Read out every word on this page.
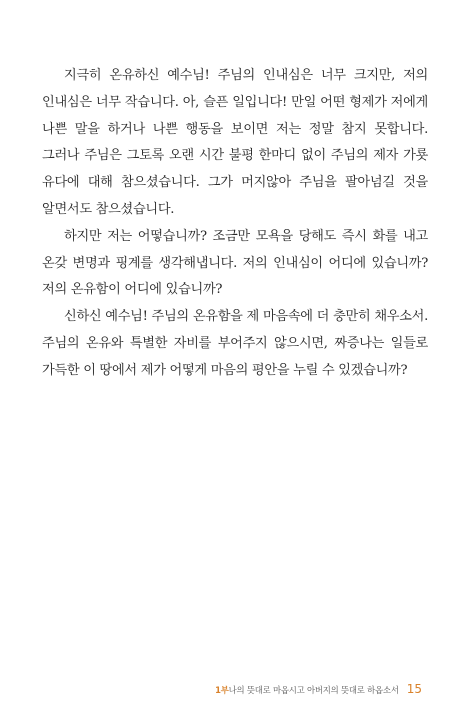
지극히 온유하신 예수님! 주님의 인내심은 너무 크지만, 저의 인내심은 너무 작습니다. 아, 슬픈 일입니다! 만일 어떤 형제가 저에게 나쁜 말을 하거나 나쁜 행동을 보이면 저는 정말 참지 못합니다. 그러나 주님은 그토록 오랜 시간 불평 한마디 없이 주님의 제자 가룟 유다에 대해 참으셨습니다. 그가 머지않아 주님을 팔아넘길 것을 알면서도 참으셨습니다.

하지만 저는 어떻습니까? 조금만 모욕을 당해도 즉시 화를 내고 온갖 변명과 핑계를 생각해냅니다. 저의 인내심이 어디에 있습니까? 저의 온유함이 어디에 있습니까?

신하신 예수님! 주님의 온유함을 제 마음속에 더 충만히 채우소서. 주님의 온유와 특별한 자비를 부어주지 않으시면, 짜증나는 일들로 가득한 이 땅에서 제가 어떻게 마음의 평안을 누릴 수 있겠습니까?

1부나의 뜻대로 마옵시고 아버지의 뜻대로 하옵소서 15
